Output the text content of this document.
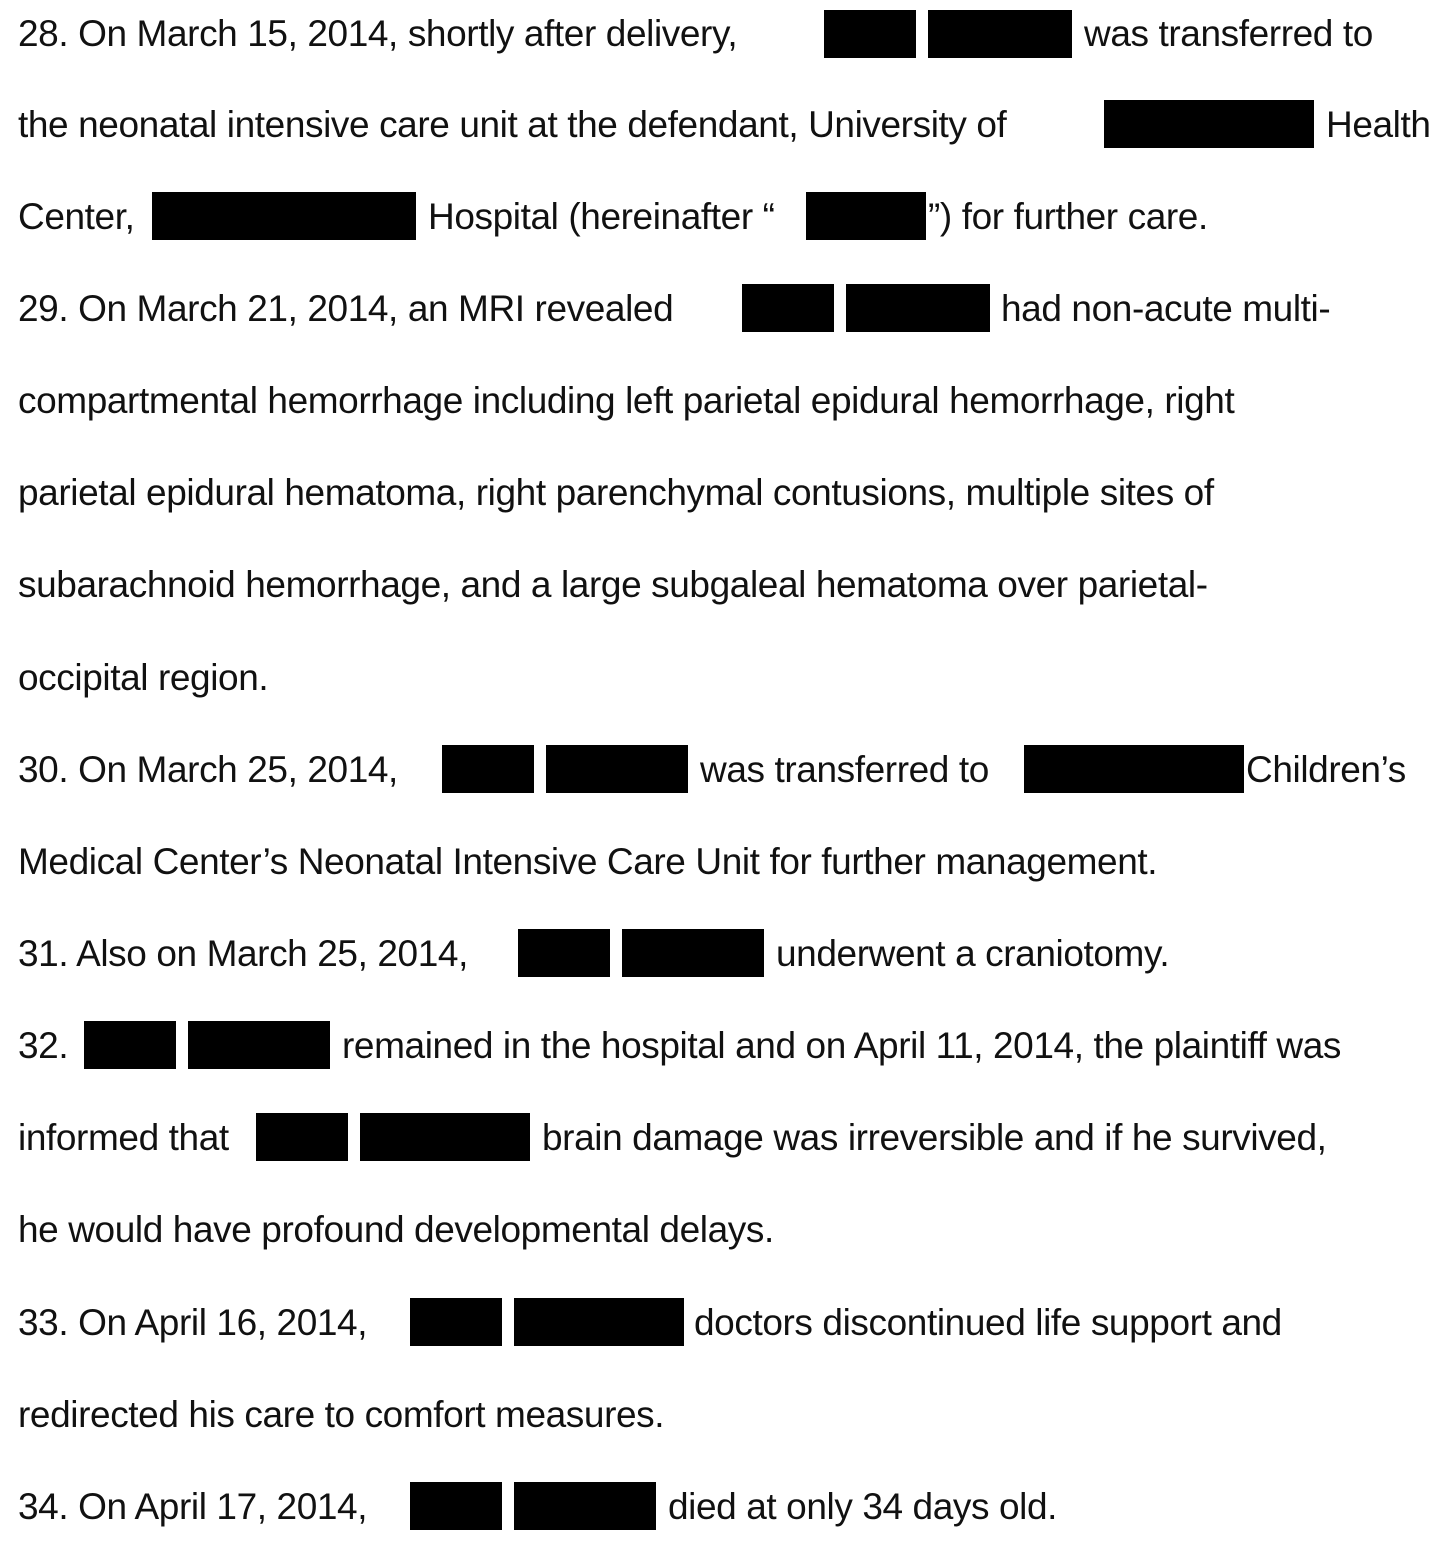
28. On March 15, 2014, shortly after delivery,	was transferred to
the neonatal intensive care unit at the defendant, University of	Health
Center,	Hospital (hereinafter “	”) for further care.
29. On March 21, 2014, an MRI revealed	had non-acute multi-
compartmental hemorrhage including left parietal epidural hemorrhage, right
parietal epidural hematoma, right parenchymal contusions, multiple sites of
subarachnoid hemorrhage, and a large subgaleal hematoma over parietal-
occipital region.
30. On March 25, 2014,	was transferred to	Children’s
Medical Center’s Neonatal Intensive Care Unit for further management.
31. Also on March 25, 2014,	underwent a craniotomy.
32.	remained in the hospital and on April 11, 2014, the plaintiff was
informed that	brain damage was irreversible and if he survived,
he would have profound developmental delays.
33. On April 16, 2014,	doctors discontinued life support and
redirected his care to comfort measures.
34. On April 17, 2014,	died at only 34 days old.
